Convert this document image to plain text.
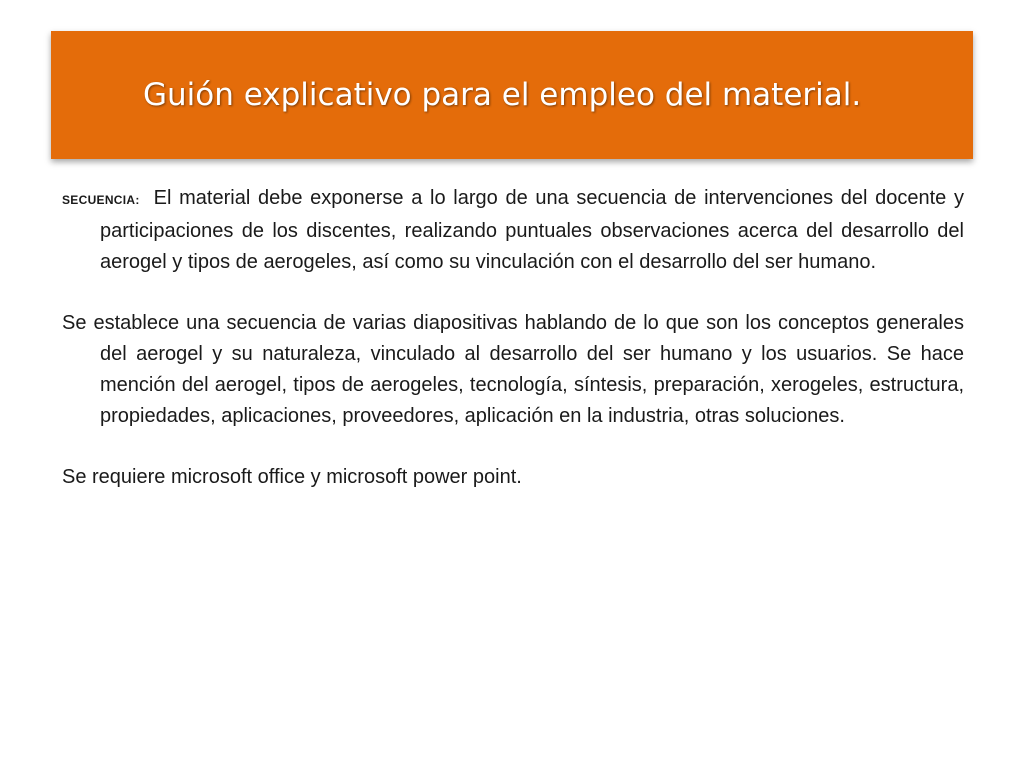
Guión explicativo para el empleo del material.

SECUENCIA: El material debe exponerse a lo largo de una secuencia de intervenciones del docente y participaciones de los discentes, realizando puntuales observaciones acerca del desarrollo del aerogel y tipos de aerogeles, así como su vinculación con el desarrollo del ser humano.

Se establece una secuencia de varias diapositivas hablando de lo que son los conceptos generales del aerogel y su naturaleza, vinculado al desarrollo del ser humano y los usuarios. Se hace mención del aerogel, tipos de aerogeles, tecnología, síntesis, preparación, xerogeles, estructura, propiedades, aplicaciones, proveedores, aplicación en la industria, otras soluciones.

Se requiere microsoft office y microsoft power point.
